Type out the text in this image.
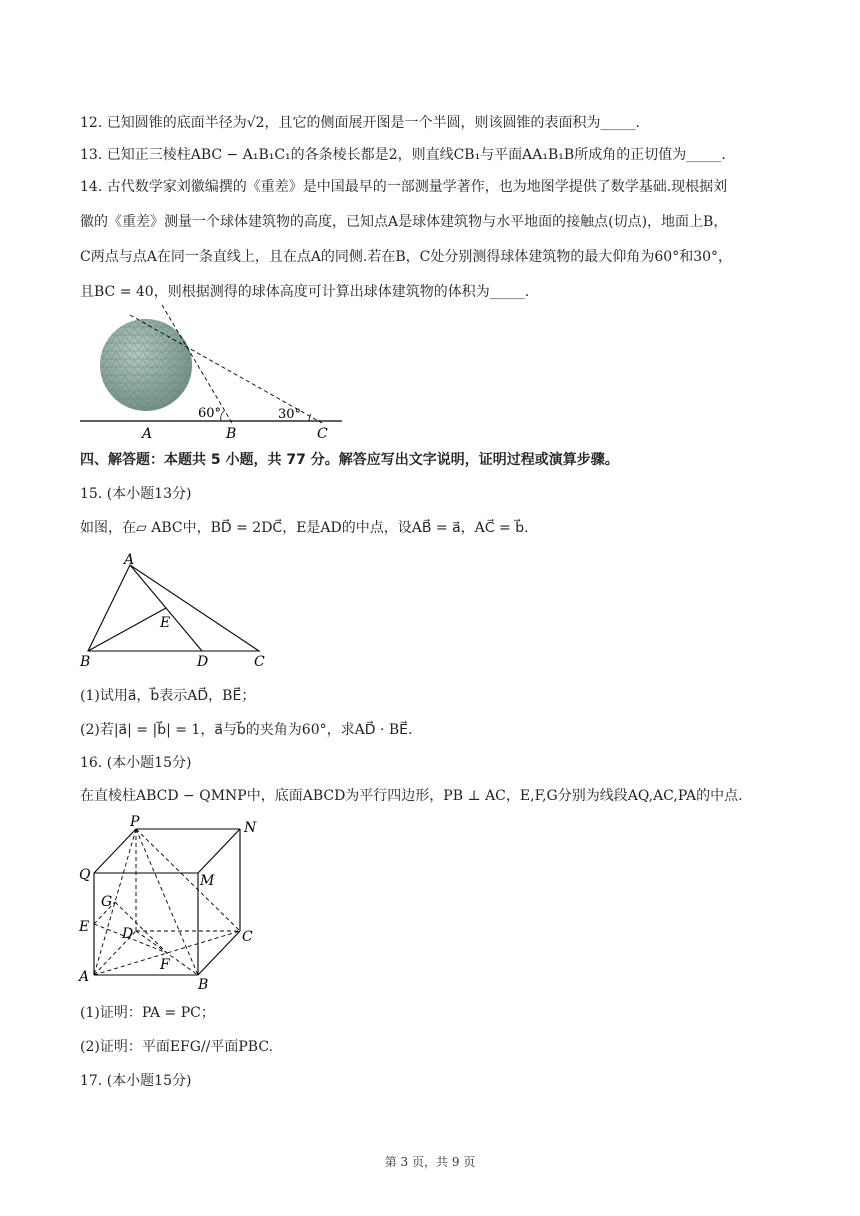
12. 已知圆锥的底面半径为√2，且它的侧面展开图是一个半圆，则该圆锥的表面积为_____.
13. 已知正三棱柱ABC − A₁B₁C₁的各条棱长都是2，则直线CB₁与平面AA₁B₁B所成角的正切值为_____.
14. 古代数学家刘徽编撰的《重差》是中国最早的一部测量学著作，也为地图学提供了数学基础.现根据刘
徽的《重差》测量一个球体建筑物的高度，已知点A是球体建筑物与水平地面的接触点(切点)，地面上B，
C两点与点A在同一条直线上，且在点A的同侧.若在B，C处分别测得球体建筑物的最大仰角为60°和30°，
且BC = 40，则根据测得的球体高度可计算出球体建筑物的体积为_____.
60°	30°
A	B	C
四、解答题：本题共 5 小题，共 77 分。解答应写出文字说明，证明过程或演算步骤。
15. (本小题13分)
如图，在▱ ABC中，BD⃗ = 2DC⃗，E是AD的中点，设AB⃗ = a⃗，AC⃗ = b⃗.
A
B	C
D
E
(1)试用a⃗，b⃗表示AD⃗，BE⃗；
(2)若|a⃗| = |b⃗| = 1，a⃗与b⃗的夹角为60°，求AD⃗ · BE⃗.
16. (本小题15分)
在直棱柱ABCD − QMNP中，底面ABCD为平行四边形，PB ⊥ AC，E,F,G分别为线段AQ,AC,PA的中点.
P	N
Q	M
G
E D	C
F
A	B
(1)证明：PA = PC；
(2)证明：平面EFG//平面PBC.
17. (本小题15分)
第 3 页，共 9 页
